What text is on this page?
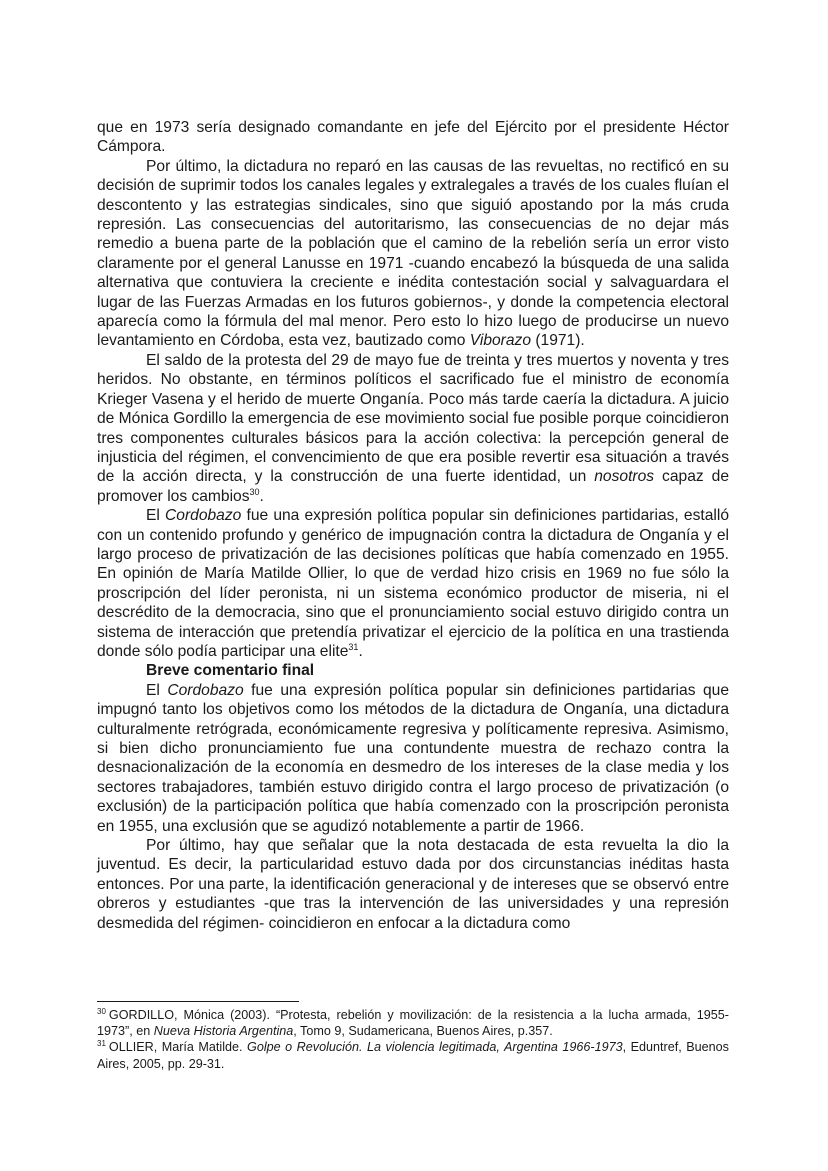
que en 1973 sería designado comandante en jefe del Ejército por el presidente Héctor Cámpora.

Por último, la dictadura no reparó en las causas de las revueltas, no rectificó en su decisión de suprimir todos los canales legales y extralegales a través de los cuales fluían el descontento y las estrategias sindicales, sino que siguió apostando por la más cruda represión. Las consecuencias del autoritarismo, las consecuencias de no dejar más remedio a buena parte de la población que el camino de la rebelión sería un error visto claramente por el general Lanusse en 1971 -cuando encabezó la búsqueda de una salida alternativa que contuviera la creciente e inédita contestación social y salvaguardara el lugar de las Fuerzas Armadas en los futuros gobiernos-, y donde la competencia electoral aparecía como la fórmula del mal menor. Pero esto lo hizo luego de producirse un nuevo levantamiento en Córdoba, esta vez, bautizado como Viborazo (1971).

El saldo de la protesta del 29 de mayo fue de treinta y tres muertos y noventa y tres heridos. No obstante, en términos políticos el sacrificado fue el ministro de economía Krieger Vasena y el herido de muerte Onganía. Poco más tarde caería la dictadura. A juicio de Mónica Gordillo la emergencia de ese movimiento social fue posible porque coincidieron tres componentes culturales básicos para la acción colectiva: la percepción general de injusticia del régimen, el convencimiento de que era posible revertir esa situación a través de la acción directa, y la construcción de una fuerte identidad, un nosotros capaz de promover los cambios$^{30}$.

El Cordobazo fue una expresión política popular sin definiciones partidarias, estalló con un contenido profundo y genérico de impugnación contra la dictadura de Onganía y el largo proceso de privatización de las decisiones políticas que había comenzado en 1955. En opinión de María Matilde Ollier, lo que de verdad hizo crisis en 1969 no fue sólo la proscripción del líder peronista, ni un sistema económico productor de miseria, ni el descrédito de la democracia, sino que el pronunciamiento social estuvo dirigido contra un sistema de interacción que pretendía privatizar el ejercicio de la política en una trastienda donde sólo podía participar una elite$^{31}$.

Breve comentario final

El Cordobazo fue una expresión política popular sin definiciones partidarias que impugnó tanto los objetivos como los métodos de la dictadura de Onganía, una dictadura culturalmente retrógrada, económicamente regresiva y políticamente represiva. Asimismo, si bien dicho pronunciamiento fue una contundente muestra de rechazo contra la desnacionalización de la economía en desmedro de los intereses de la clase media y los sectores trabajadores, también estuvo dirigido contra el largo proceso de privatización (o exclusión) de la participación política que había comenzado con la proscripción peronista en 1955, una exclusión que se agudizó notablemente a partir de 1966.

Por último, hay que señalar que la nota destacada de esta revuelta la dio la juventud. Es decir, la particularidad estuvo dada por dos circunstancias inéditas hasta entonces. Por una parte, la identificación generacional y de intereses que se observó entre obreros y estudiantes -que tras la intervención de las universidades y una represión desmedida del régimen- coincidieron en enfocar a la dictadura como

$^{30}$ GORDILLO, Mónica (2003). “Protesta, rebelión y movilización: de la resistencia a la lucha armada, 1955-1973”, en Nueva Historia Argentina, Tomo 9, Sudamericana, Buenos Aires, p.357.

$^{31}$ OLLIER, María Matilde. Golpe o Revolución. La violencia legitimada, Argentina 1966-1973, Eduntref, Buenos Aires, 2005, pp. 29-31.
